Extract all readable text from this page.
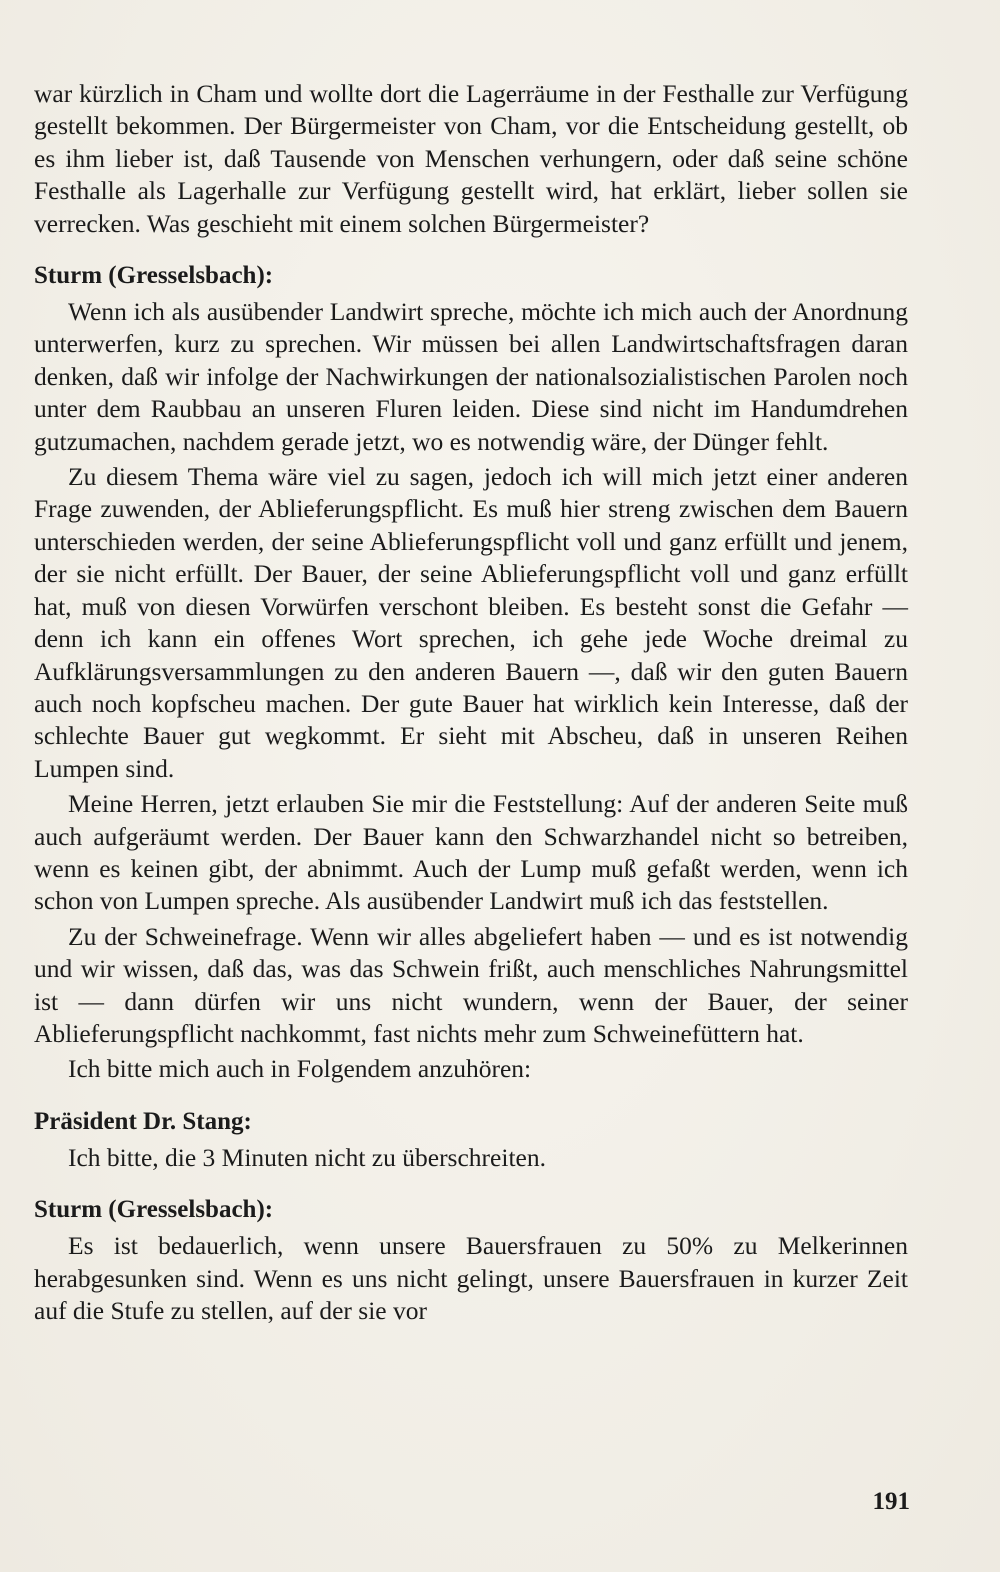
war kürzlich in Cham und wollte dort die Lagerräume in der Festhalle zur Verfügung gestellt bekommen. Der Bürgermeister von Cham, vor die Entscheidung gestellt, ob es ihm lieber ist, daß Tausende von Menschen verhungern, oder daß seine schöne Festhalle als Lagerhalle zur Verfügung gestellt wird, hat erklärt, lieber sollen sie verrecken. Was geschieht mit einem solchen Bürgermeister?

Sturm (Gresselsbach):

Wenn ich als ausübender Landwirt spreche, möchte ich mich auch der Anordnung unterwerfen, kurz zu sprechen. Wir müssen bei allen Landwirtschaftsfragen daran denken, daß wir infolge der Nachwirkungen der nationalsozialistischen Parolen noch unter dem Raubbau an unseren Fluren leiden. Diese sind nicht im Handumdrehen gutzumachen, nachdem gerade jetzt, wo es notwendig wäre, der Dünger fehlt.

Zu diesem Thema wäre viel zu sagen, jedoch ich will mich jetzt einer anderen Frage zuwenden, der Ablieferungspflicht. Es muß hier streng zwischen dem Bauern unterschieden werden, der seine Ablieferungspflicht voll und ganz erfüllt und jenem, der sie nicht erfüllt. Der Bauer, der seine Ablieferungspflicht voll und ganz erfüllt hat, muß von diesen Vorwürfen verschont bleiben. Es besteht sonst die Gefahr — denn ich kann ein offenes Wort sprechen, ich gehe jede Woche dreimal zu Aufklärungsversammlungen zu den anderen Bauern —, daß wir den guten Bauern auch noch kopfscheu machen. Der gute Bauer hat wirklich kein Interesse, daß der schlechte Bauer gut wegkommt. Er sieht mit Abscheu, daß in unseren Reihen Lumpen sind.

Meine Herren, jetzt erlauben Sie mir die Feststellung: Auf der anderen Seite muß auch aufgeräumt werden. Der Bauer kann den Schwarzhandel nicht so betreiben, wenn es keinen gibt, der abnimmt. Auch der Lump muß gefaßt werden, wenn ich schon von Lumpen spreche. Als ausübender Landwirt muß ich das feststellen.

Zu der Schweinefrage. Wenn wir alles abgeliefert haben — und es ist notwendig und wir wissen, daß das, was das Schwein frißt, auch menschliches Nahrungsmittel ist — dann dürfen wir uns nicht wundern, wenn der Bauer, der seiner Ablieferungspflicht nachkommt, fast nichts mehr zum Schweinefüttern hat.

Ich bitte mich auch in Folgendem anzuhören:

Präsident Dr. Stang:

Ich bitte, die 3 Minuten nicht zu überschreiten.

Sturm (Gresselsbach):

Es ist bedauerlich, wenn unsere Bauersfrauen zu 50% zu Melkerinnen herabgesunken sind. Wenn es uns nicht gelingt, unsere Bauersfrauen in kurzer Zeit auf die Stufe zu stellen, auf der sie vor

191
